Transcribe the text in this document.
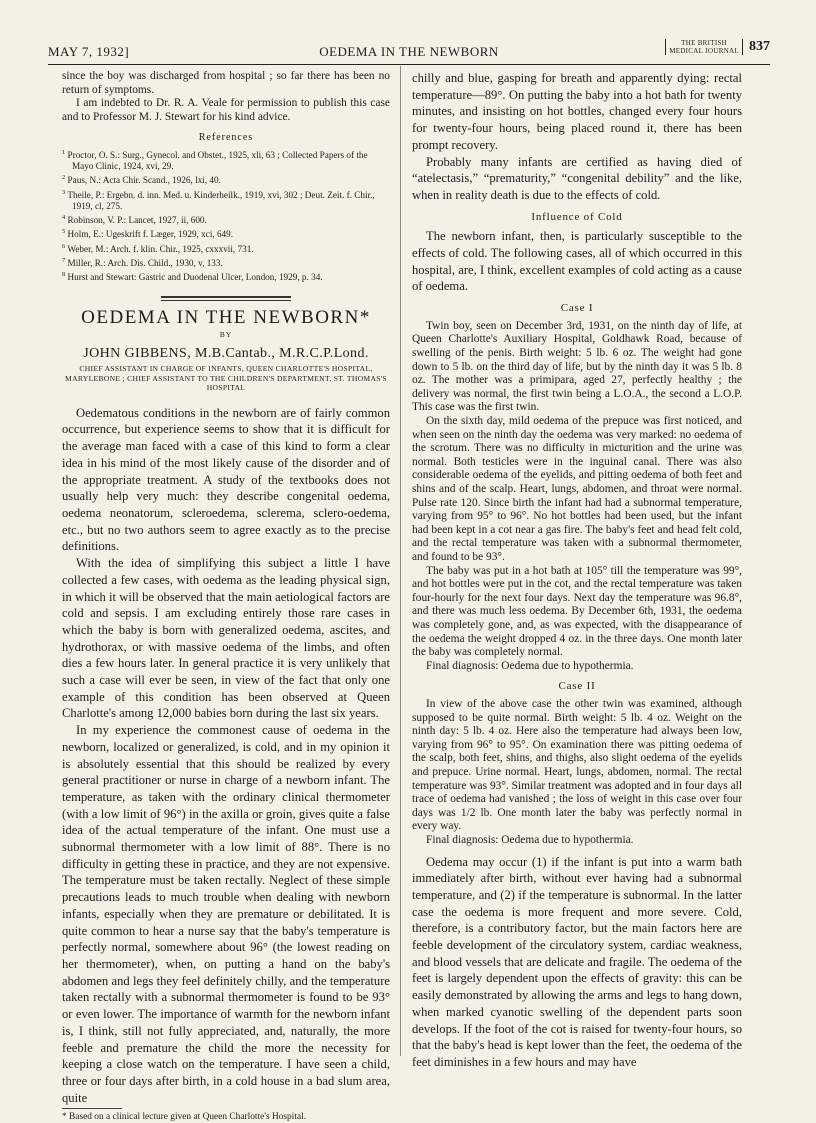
MAY 7, 1932]	OEDEMA IN THE NEWBORN
THE BRITISH
MEDICAL JOURNAL 837

since the boy was discharged from hospital ; so far there has been no return of symptoms.

I am indebted to Dr. R. A. Veale for permission to publish this case and to Professor M. J. Stewart for his kind advice.

References
$^1$ Proctor, O. S.: Surg., Gynecol. and Obstet., 1925, xli, 63 ; Collected Papers of the Mayo Clinic, 1924, xvi, 29.
$^2$ Paus, N.: Acta Chir. Scand., 1926, lxi, 40.
$^3$ Theile, P.: Ergebn. d. inn. Med. u. Kinderheilk., 1919, xvi, 302 ; Deut. Zeit. f. Chir., 1919, cl, 275.
$^4$ Robinson, V. P.: Lancet, 1927, ii, 600.
$^5$ Holm, E.: Ugeskrift f. Læger, 1929, xci, 649.
$^6$ Weber, M.: Arch. f. klin. Chir., 1925, cxxxvii, 731.
$^7$ Miller, R.: Arch. Dis. Child., 1930, v, 133.
$^8$ Hurst and Stewart: Gastric and Duodenal Ulcer, London, 1929, p. 34.
OEDEMA IN THE NEWBORN*
BY
JOHN GIBBENS, M.B.Cantab., M.R.C.P.Lond.
CHIEF ASSISTANT IN CHARGE OF INFANTS, QUEEN CHARLOTTE'S HOSPITAL, MARYLEBONE ; CHIEF ASSISTANT TO THE CHILDREN'S DEPARTMENT, ST. THOMAS'S HOSPITAL

Oedematous conditions in the newborn are of fairly common occurrence, but experience seems to show that it is difficult for the average man faced with a case of this kind to form a clear idea in his mind of the most likely cause of the disorder and of the appropriate treatment. A study of the textbooks does not usually help very much: they describe congenital oedema, oedema neonatorum, scleroedema, sclerema, sclero-oedema, etc., but no two authors seem to agree exactly as to the precise definitions.

With the idea of simplifying this subject a little I have collected a few cases, with oedema as the leading physical sign, in which it will be observed that the main aetiological factors are cold and sepsis. I am excluding entirely those rare cases in which the baby is born with generalized oedema, ascites, and hydrothorax, or with massive oedema of the limbs, and often dies a few hours later. In general practice it is very unlikely that such a case will ever be seen, in view of the fact that only one example of this condition has been observed at Queen Charlotte's among 12,000 babies born during the last six years.

In my experience the commonest cause of oedema in the newborn, localized or generalized, is cold, and in my opinion it is absolutely essential that this should be realized by every general practitioner or nurse in charge of a newborn infant. The temperature, as taken with the ordinary clinical thermometer (with a low limit of 96°) in the axilla or groin, gives quite a false idea of the actual temperature of the infant. One must use a subnormal thermometer with a low limit of 88°. There is no difficulty in getting these in practice, and they are not expensive. The temperature must be taken rectally. Neglect of these simple precautions leads to much trouble when dealing with newborn infants, especially when they are premature or debilitated. It is quite common to hear a nurse say that the baby's temperature is perfectly normal, somewhere about 96° (the lowest reading on her thermometer), when, on putting a hand on the baby's abdomen and legs they feel definitely chilly, and the temperature taken rectally with a subnormal thermometer is found to be 93° or even lower. The importance of warmth for the newborn infant is, I think, still not fully appreciated, and, naturally, the more feeble and premature the child the more the necessity for keeping a close watch on the temperature. I have seen a child, three or four days after birth, in a cold house in a bad slum area, quite

* Based on a clinical lecture given at Queen Charlotte's Hospital.

chilly and blue, gasping for breath and apparently dying: rectal temperature—89°. On putting the baby into a hot bath for twenty minutes, and insisting on hot bottles, changed every four hours for twenty-four hours, being placed round it, there has been prompt recovery.

Probably many infants are certified as having died of “atelectasis,” “prematurity,” “congenital debility” and the like, when in reality death is due to the effects of cold.

Influence of Cold

The newborn infant, then, is particularly susceptible to the effects of cold. The following cases, all of which occurred in this hospital, are, I think, excellent examples of cold acting as a cause of oedema.

Case I

Twin boy, seen on December 3rd, 1931, on the ninth day of life, at Queen Charlotte's Auxiliary Hospital, Goldhawk Road, because of swelling of the penis. Birth weight: 5 lb. 6 oz. The weight had gone down to 5 lb. on the third day of life, but by the ninth day it was 5 lb. 8 oz. The mother was a primipara, aged 27, perfectly healthy ; the delivery was normal, the first twin being a L.O.A., the second a L.O.P. This case was the first twin.

On the sixth day, mild oedema of the prepuce was first noticed, and when seen on the ninth day the oedema was very marked: no oedema of the scrotum. There was no difficulty in micturition and the urine was normal. Both testicles were in the inguinal canal. There was also considerable oedema of the eyelids, and pitting oedema of both feet and shins and of the scalp. Heart, lungs, abdomen, and throat were normal. Pulse rate 120. Since birth the infant had had a subnormal temperature, varying from 95° to 96°. No hot bottles had been used, but the infant had been kept in a cot near a gas fire. The baby's feet and head felt cold, and the rectal temperature was taken with a subnormal thermometer, and found to be 93°.

The baby was put in a hot bath at 105° till the temperature was 99°, and hot bottles were put in the cot, and the rectal temperature was taken four-hourly for the next four days. Next day the temperature was 96.8°, and there was much less oedema. By December 6th, 1931, the oedema was completely gone, and, as was expected, with the disappearance of the oedema the weight dropped 4 oz. in the three days. One month later the baby was completely normal.

Final diagnosis: Oedema due to hypothermia.

Case II

In view of the above case the other twin was examined, although supposed to be quite normal. Birth weight: 5 lb. 4 oz. Weight on the ninth day: 5 lb. 4 oz. Here also the temperature had always been low, varying from 96° to 95°. On examination there was pitting oedema of the scalp, both feet, shins, and thighs, also slight oedema of the eyelids and prepuce. Urine normal. Heart, lungs, abdomen, normal. The rectal temperature was 93°. Similar treatment was adopted and in four days all trace of oedema had vanished ; the loss of weight in this case over four days was 1/2 lb. One month later the baby was perfectly normal in every way.

Final diagnosis: Oedema due to hypothermia.

Oedema may occur (1) if the infant is put into a warm bath immediately after birth, without ever having had a subnormal temperature, and (2) if the temperature is subnormal. In the latter case the oedema is more frequent and more severe. Cold, therefore, is a contributory factor, but the main factors here are feeble development of the circulatory system, cardiac weakness, and blood vessels that are delicate and fragile. The oedema of the feet is largely dependent upon the effects of gravity: this can be easily demonstrated by allowing the arms and legs to hang down, when marked cyanotic swelling of the dependent parts soon develops. If the foot of the cot is raised for twenty-four hours, so that the baby's head is kept lower than the feet, the oedema of the feet diminishes in a few hours and may have
